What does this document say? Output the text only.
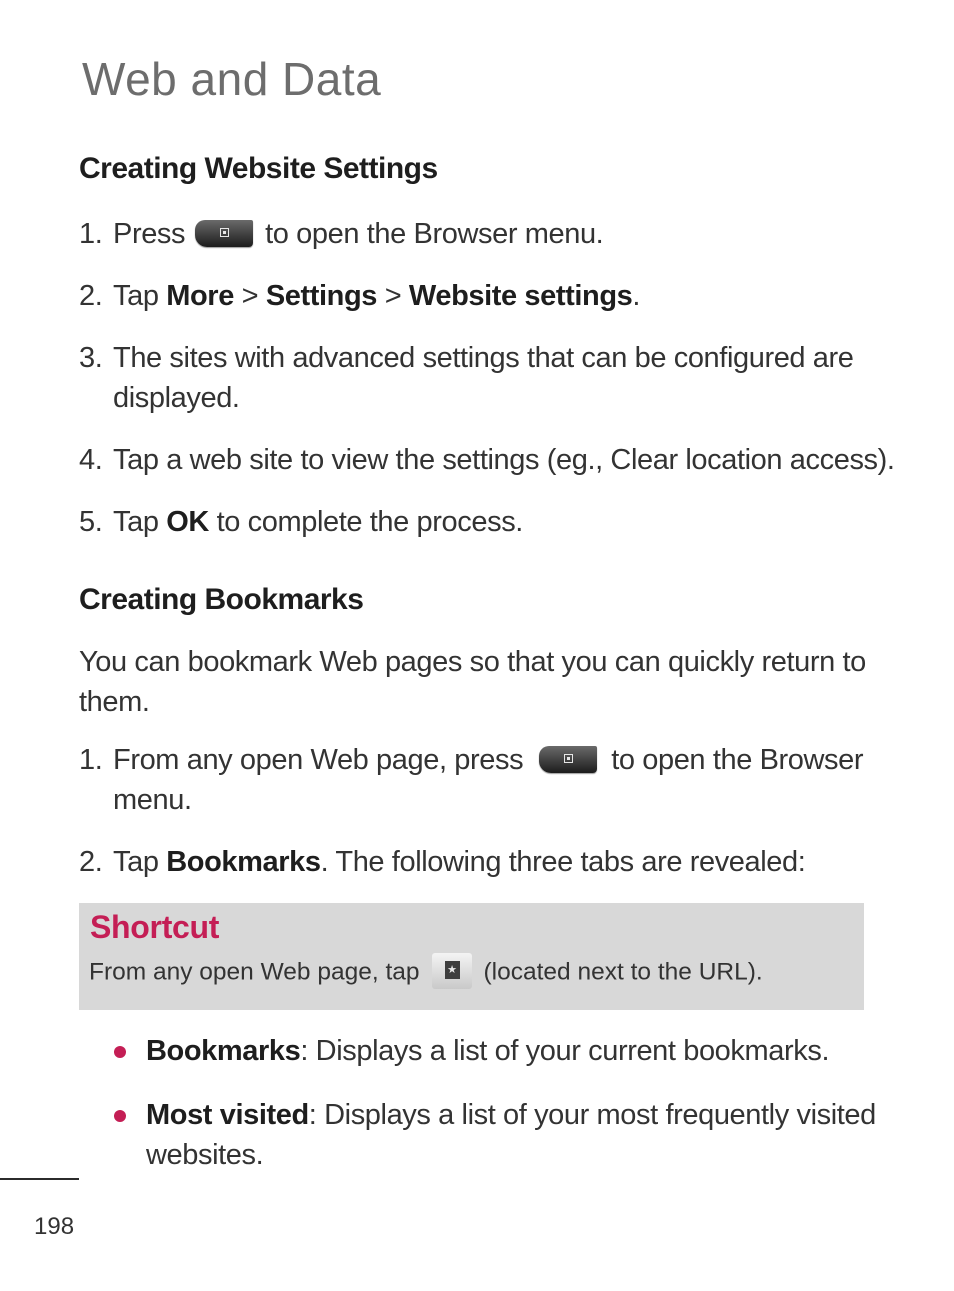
Web and Data
Creating Website Settings
1. Press	to open the Browser menu.
2. Tap More > Settings > Website settings.
3. The sites with advanced settings that can be configured are displayed.
4. Tap a web site to view the settings (eg., Clear location access).
5. Tap OK to complete the process.
Creating Bookmarks
You can bookmark Web pages so that you can quickly return to them.
1. From any open Web page, press	to open the Browser menu.
2. Tap Bookmarks. The following three tabs are revealed:
Shortcut
From any open Web page, tap	★ (located next to the URL).
Bookmarks: Displays a list of your current bookmarks.
Most visited: Displays a list of your most frequently visited websites.
198
